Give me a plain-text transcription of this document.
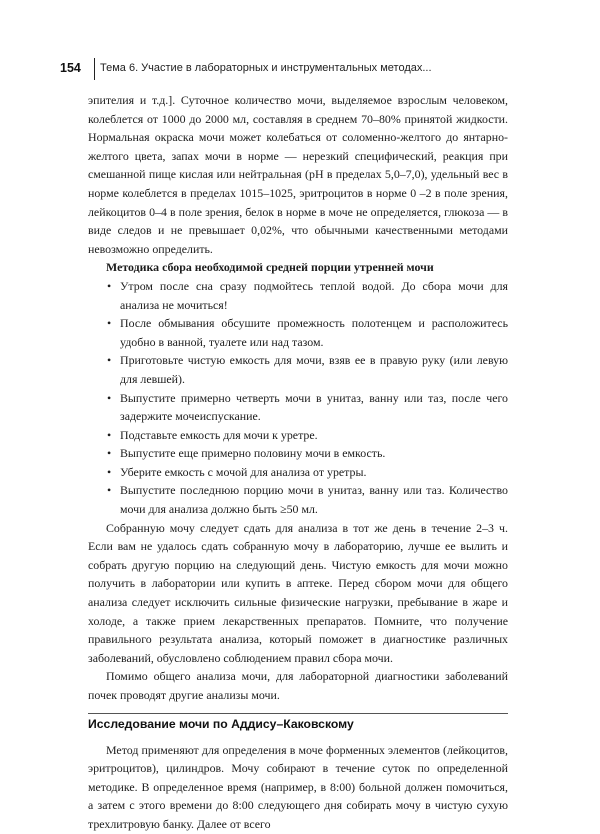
154 Тема 6. Участие в лабораторных и инструментальных методах...

эпителия и т.д.]. Суточное количество мочи, выделяемое взрослым человеком, колеблется от 1000 до 2000 мл, составляя в среднем 70–80% принятой жидкости. Нормальная окраска мочи может колебаться от соломенно-желтого до янтарно-желтого цвета, запах мочи в норме — нерезкий специфический, реакция при смешанной пище кислая или нейтральная (pH в пределах 5,0–7,0), удельный вес в норме колеблется в пределах 1015–1025, эритроцитов в норме 0 –2 в поле зрения, лейкоцитов 0–4 в поле зрения, белок в норме в моче не определяется, глюкоза — в виде следов и не превышает 0,02%, что обычными качественными методами невозможно определить.

Методика сбора необходимой средней порции утренней мочи

• Утром после сна сразу подмойтесь теплой водой. До сбора мочи для анализа не мочиться!
• После обмывания обсушите промежность полотенцем и расположитесь удобно в ванной, туалете или над тазом.
• Приготовьте чистую емкость для мочи, взяв ее в правую руку (или левую для левшей).
• Выпустите примерно четверть мочи в унитаз, ванну или таз, после чего задержите мочеиспускание.
• Подставьте емкость для мочи к уретре.
• Выпустите еще примерно половину мочи в емкость.
• Уберите емкость с мочой для анализа от уретры.
• Выпустите последнюю порцию мочи в унитаз, ванну или таз. Количество мочи для анализа должно быть ≥50 мл.

Собранную мочу следует сдать для анализа в тот же день в течение 2–3 ч. Если вам не удалось сдать собранную мочу в лабораторию, лучше ее вылить и собрать другую порцию на следующий день. Чистую емкость для мочи можно получить в лаборатории или купить в аптеке. Перед сбором мочи для общего анализа следует исключить сильные физические нагрузки, пребывание в жаре и холоде, а также прием лекарственных препаратов. Помните, что получение правильного результата анализа, который поможет в диагностике различных заболеваний, обусловлено соблюдением правил сбора мочи.

Помимо общего анализа мочи, для лабораторной диагностики заболеваний почек проводят другие анализы мочи.

Исследование мочи по Аддису–Каковскому

Метод применяют для определения в моче форменных элементов (лейкоцитов, эритроцитов), цилиндров. Мочу собирают в течение суток по определенной методике. В определенное время (например, в 8:00) больной должен помочиться, а затем с этого времени до 8:00 следующего дня собирать мочу в чистую сухую трехлитровую банку. Далее от всего
